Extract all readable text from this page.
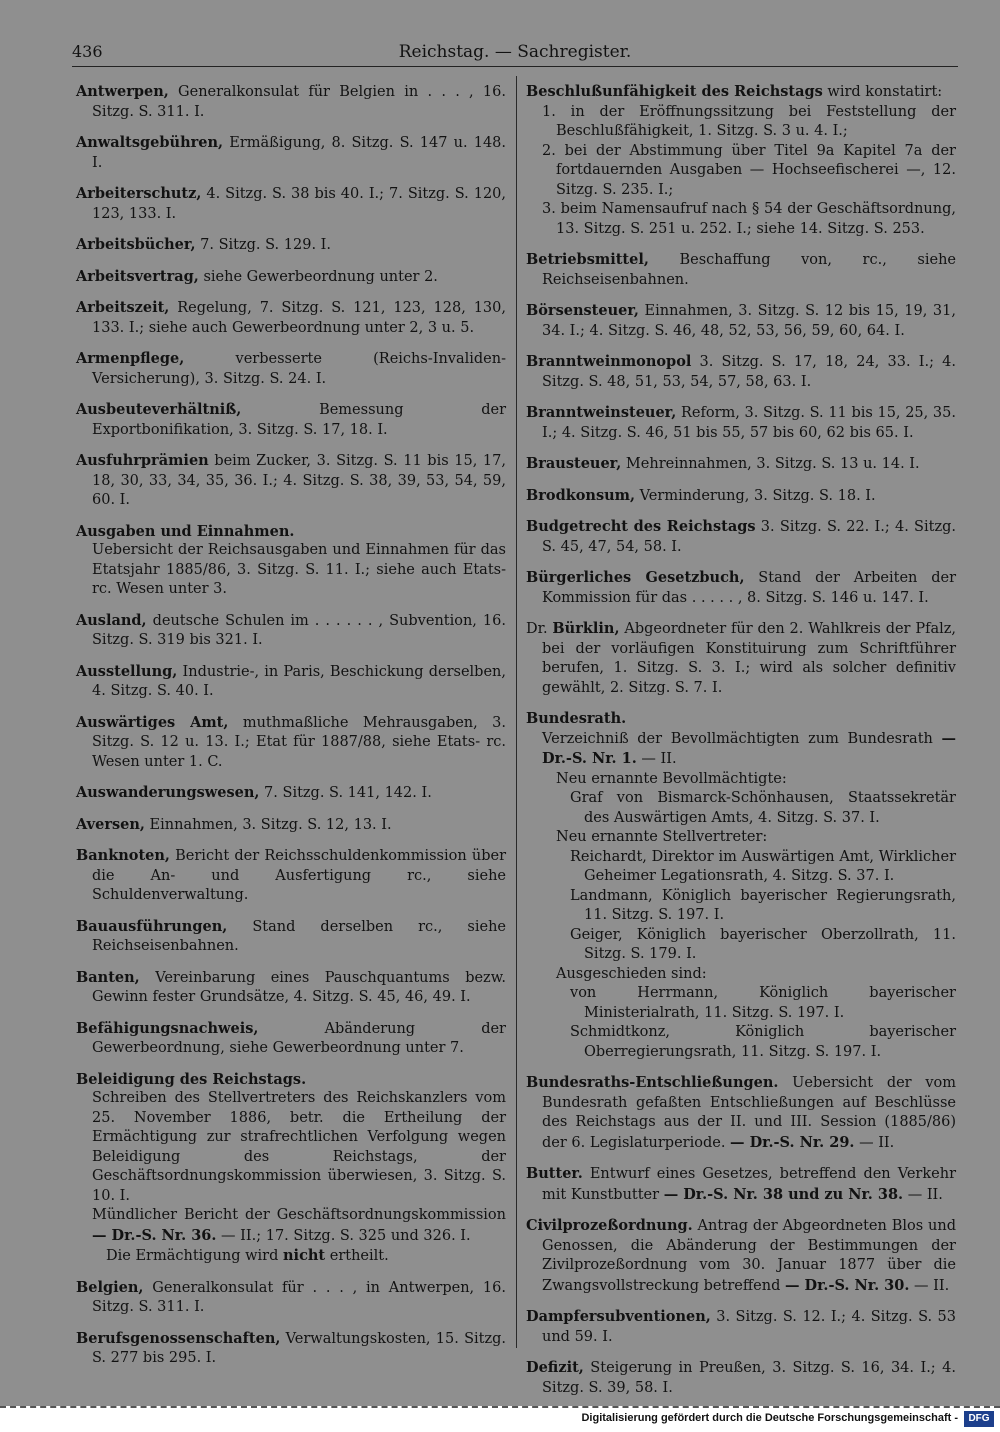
436	Reichstag. — Sachregister.

Antwerpen, Generalkonsulat für Belgien in . . . , 16. Sitzg. S. 311. I.

Anwaltsgebühren, Ermäßigung, 8. Sitzg. S. 147 u. 148. I.

Arbeiterschutz, 4. Sitzg. S. 38 bis 40. I.; 7. Sitzg. S. 120, 123, 133. I.

Arbeitsbücher, 7. Sitzg. S. 129. I.

Arbeitsvertrag, siehe Gewerbeordnung unter 2.

Arbeitszeit, Regelung, 7. Sitzg. S. 121, 123, 128, 130, 133. I.; siehe auch Gewerbeordnung unter 2, 3 u. 5.

Armenpflege, verbesserte (Reichs-Invaliden-Versicherung), 3. Sitzg. S. 24. I.

Ausbeuteverhältniß, Bemessung der Exportbonifikation, 3. Sitzg. S. 17, 18. I.

Ausfuhrprämien beim Zucker, 3. Sitzg. S. 11 bis 15, 17, 18, 30, 33, 34, 35, 36. I.; 4. Sitzg. S. 38, 39, 53, 54, 59, 60. I.

Ausgaben und Einnahmen.
Uebersicht der Reichsausgaben und Einnahmen für das Etatsjahr 1885/86, 3. Sitzg. S. 11. I.; siehe auch Etats- rc. Wesen unter 3.

Ausland, deutsche Schulen im . . . . . . , Subvention, 16. Sitzg. S. 319 bis 321. I.

Ausstellung, Industrie-, in Paris, Beschickung derselben, 4. Sitzg. S. 40. I.

Auswärtiges Amt, muthmaßliche Mehrausgaben, 3. Sitzg. S. 12 u. 13. I.; Etat für 1887/88, siehe Etats- rc. Wesen unter 1. C.

Auswanderungswesen, 7. Sitzg. S. 141, 142. I.

Aversen, Einnahmen, 3. Sitzg. S. 12, 13. I.

Banknoten, Bericht der Reichsschuldenkommission über die An- und Ausfertigung rc., siehe Schuldenverwaltung.

Bauausführungen, Stand derselben rc., siehe Reichseisenbahnen.

Banten, Vereinbarung eines Pauschquantums bezw. Gewinn fester Grundsätze, 4. Sitzg. S. 45, 46, 49. I.

Befähigungsnachweis, Abänderung der Gewerbeordnung, siehe Gewerbeordnung unter 7.

Beleidigung des Reichstags.
Schreiben des Stellvertreters des Reichskanzlers vom 25. November 1886, betr. die Ertheilung der Ermächtigung zur strafrechtlichen Verfolgung wegen Beleidigung des Reichstags, der Geschäftsordnungskommission überwiesen, 3. Sitzg. S. 10. I.
Mündlicher Bericht der Geschäftsordnungskommission — Dr.-S. Nr. 36. — II.; 17. Sitzg. S. 325 und 326. I.
Die Ermächtigung wird nicht ertheilt.

Belgien, Generalkonsulat für . . . , in Antwerpen, 16. Sitzg. S. 311. I.

Berufsgenossenschaften, Verwaltungskosten, 15. Sitzg. S. 277 bis 295. I.

Beschlußunfähigkeit des Reichstags wird konstatirt:
1. in der Eröffnungssitzung bei Feststellung der Beschlußfähigkeit, 1. Sitzg. S. 3 u. 4. I.;
2. bei der Abstimmung über Titel 9a Kapitel 7a der fortdauernden Ausgaben — Hochseefischerei —, 12. Sitzg. S. 235. I.;
3. beim Namensaufruf nach § 54 der Geschäftsordnung, 13. Sitzg. S. 251 u. 252. I.; siehe 14. Sitzg. S. 253.

Betriebsmittel, Beschaffung von, rc., siehe Reichseisenbahnen.

Börsensteuer, Einnahmen, 3. Sitzg. S. 12 bis 15, 19, 31, 34. I.; 4. Sitzg. S. 46, 48, 52, 53, 56, 59, 60, 64. I.

Branntweinmonopol 3. Sitzg. S. 17, 18, 24, 33. I.; 4. Sitzg. S. 48, 51, 53, 54, 57, 58, 63. I.

Branntweinsteuer, Reform, 3. Sitzg. S. 11 bis 15, 25, 35. I.; 4. Sitzg. S. 46, 51 bis 55, 57 bis 60, 62 bis 65. I.

Brausteuer, Mehreinnahmen, 3. Sitzg. S. 13 u. 14. I.

Brodkonsum, Verminderung, 3. Sitzg. S. 18. I.

Budgetrecht des Reichstags 3. Sitzg. S. 22. I.; 4. Sitzg. S. 45, 47, 54, 58. I.

Bürgerliches Gesetzbuch, Stand der Arbeiten der Kommission für das . . . . . , 8. Sitzg. S. 146 u. 147. I.

Dr. Bürklin, Abgeordneter für den 2. Wahlkreis der Pfalz, bei der vorläufigen Konstituirung zum Schriftführer berufen, 1. Sitzg. S. 3. I.; wird als solcher definitiv gewählt, 2. Sitzg. S. 7. I.

Bundesrath.
Verzeichniß der Bevollmächtigten zum Bundesrath — Dr.-S. Nr. 1. — II.
Neu ernannte Bevollmächtigte:
Graf von Bismarck-Schönhausen, Staatssekretär des Auswärtigen Amts, 4. Sitzg. S. 37. I.
Neu ernannte Stellvertreter:
Reichardt, Direktor im Auswärtigen Amt, Wirklicher Geheimer Legationsrath, 4. Sitzg. S. 37. I.
Landmann, Königlich bayerischer Regierungsrath, 11. Sitzg. S. 197. I.
Geiger, Königlich bayerischer Oberzollrath, 11. Sitzg. S. 179. I.
Ausgeschieden sind:
von Herrmann, Königlich bayerischer Ministerialrath, 11. Sitzg. S. 197. I.
Schmidtkonz, Königlich bayerischer Oberregierungsrath, 11. Sitzg. S. 197. I.

Bundesraths-Entschließungen. Uebersicht der vom Bundesrath gefaßten Entschließungen auf Beschlüsse des Reichstags aus der II. und III. Session (1885/86) der 6. Legislaturperiode. — Dr.-S. Nr. 29. — II.

Butter. Entwurf eines Gesetzes, betreffend den Verkehr mit Kunstbutter — Dr.-S. Nr. 38 und zu Nr. 38. — II.

Civilprozeßordnung. Antrag der Abgeordneten Blos und Genossen, die Abänderung der Bestimmungen der Zivilprozeßordnung vom 30. Januar 1877 über die Zwangsvollstreckung betreffend — Dr.-S. Nr. 30. — II.

Dampfersubventionen, 3. Sitzg. S. 12. I.; 4. Sitzg. S. 53 und 59. I.

Defizit, Steigerung in Preußen, 3. Sitzg. S. 16, 34. I.; 4. Sitzg. S. 39, 58. I.

Digitalisierung gefördert durch die Deutsche Forschungsgemeinschaft -	DFG
